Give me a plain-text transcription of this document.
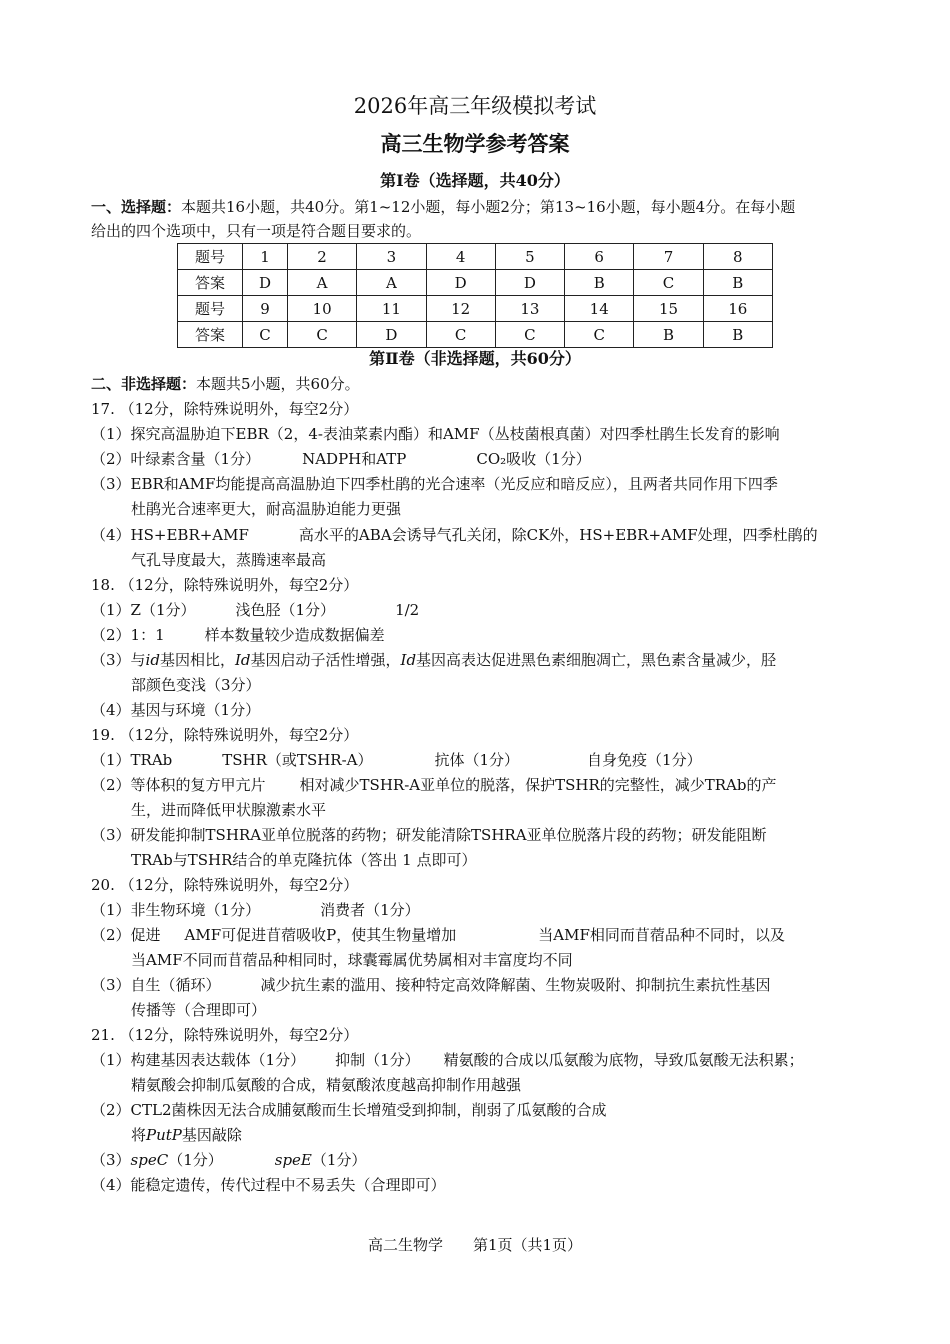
2026年高三年级模拟考试
高三生物学参考答案
第Ⅰ卷（选择题，共40分）
一、选择题：本题共16小题，共40分。第1~12小题，每小题2分；第13~16小题，每小题4分。在每小题
给出的四个选项中，只有一项是符合题目要求的。
题号	1	2	3	4	5	6	7	8
答案	D	A	A	D	D	B	C	B
题号	9	10	11	12	13	14	15	16
答案	C	C	D	C	C	C	B	B
第Ⅱ卷（非选择题，共60分）
二、非选择题：本题共5小题，共60分。
17. （12分，除特殊说明外，每空2分）
（1）探究高温胁迫下EBR（2，4-表油菜素内酯）和AMF（丛枝菌根真菌）对四季杜鹃生长发育的影响
（2）叶绿素含量（1分）	NADPH和ATP	CO₂吸收（1分）
（3）EBR和AMF均能提高高温胁迫下四季杜鹃的光合速率（光反应和暗反应），且两者共同作用下四季
杜鹃光合速率更大，耐高温胁迫能力更强
（4）HS+EBR+AMF	高水平的ABA会诱导气孔关闭，除CK外，HS+EBR+AMF处理，四季杜鹃的
气孔导度最大，蒸腾速率最高
18. （12分，除特殊说明外，每空2分）
（1）Z（1分）	浅色胫（1分）	1/2
（2）1：1	样本数量较少造成数据偏差
（3）与id基因相比，Id基因启动子活性增强，Id基因高表达促进黑色素细胞凋亡，黑色素含量减少，胫
部颜色变浅（3分）
（4）基因与环境（1分）
19. （12分，除特殊说明外，每空2分）
（1）TRAb	TSHR（或TSHR-A）	抗体（1分）	自身免疫（1分）
（2）等体积的复方甲亢片 相对减少TSHR-A亚单位的脱落，保护TSHR的完整性，减少TRAb的产
生，进而降低甲状腺激素水平
（3）研发能抑制TSHRA亚单位脱落的药物；研发能清除TSHRA亚单位脱落片段的药物；研发能阻断
TRAb与TSHR结合的单克隆抗体（答出 1 点即可）
20. （12分，除特殊说明外，每空2分）
（1）非生物环境（1分）	消费者（1分）
（2）促进 AMF可促进苜蓿吸收P，使其生物量增加	当AMF相同而苜蓿品种不同时，以及
当AMF不同而苜蓿品种相同时，球囊霉属优势属相对丰富度均不同
（3）自生（循环）	减少抗生素的滥用、接种特定高效降解菌、生物炭吸附、抑制抗生素抗性基因
传播等（合理即可）
21. （12分，除特殊说明外，每空2分）
（1）构建基因表达载体（1分） 抑制（1分） 精氨酸的合成以瓜氨酸为底物，导致瓜氨酸无法积累；
精氨酸会抑制瓜氨酸的合成，精氨酸浓度越高抑制作用越强
（2）CTL2菌株因无法合成脯氨酸而生长增殖受到抑制，削弱了瓜氨酸的合成
将PutP基因敲除
（3）speC（1分）	speE（1分）
（4）能稳定遗传，传代过程中不易丢失（合理即可）
高二生物学　　第1页（共1页）
